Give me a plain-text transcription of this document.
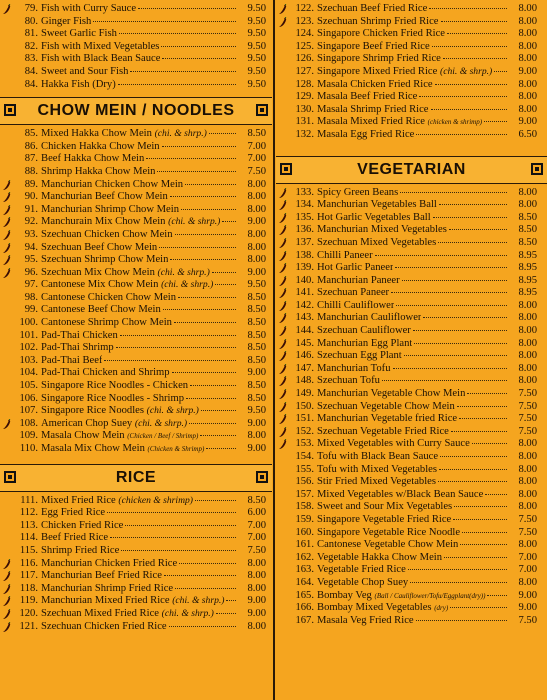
79. Fish with Curry Sauce	9.50
80. Ginger Fish	9.50
81. Sweet Garlic Fish	9.50
82. Fish with Mixed Vegetables	9.50
83. Fish with Black Bean Sauce	9.50
84. Sweet and Sour Fish	9.50
84. Hakka Fish (Dry)	9.50
CHOW MEIN / NOODLES
85. Mixed Hakka Chow Mein
(chi. & shrp.)	8.50
86. Chicken Hakka Chow Mein	7.00
87. Beef Hakka Chow Mein	7.00
88. Shrimp Hakka Chow Mein	7.50
89. Manchurian Chicken Chow Mein	8.00
90. Manchurian Beef Chow Mein	8.00
91. Manchurian Shrimp Chow Mein	8.00
92. Manchurain Mix Chow Mein
(chi. & shrp.)	9.00
93. Szechuan Chicken Chow Mein	8.00
94. Szechuan Beef Chow Mein	8.00
95. Szechuan Shrimp Chow Mein	8.00
96. Szechuan Mix Chow Mein
(chi. & shrp.)	9.00
97. Cantonese Mix Chow Mein
(chi. & shrp.)	9.50
98. Cantonese Chicken Chow Mein	8.50
99. Cantonese Beef Chow Mein	8.50
100. Cantonese Shrimp Chow Mein	8.50
101. Pad-Thai Chicken	8.50
102. Pad-Thai Shrimp	8.50
103. Pad-Thai Beef	8.50
104. Pad-Thai Chicken and Shrimp	9.00
105. Singapore Rice Noodles - Chicken	8.50
106. Singapore Rice Noodles - Shrimp	8.50
107. Singapore Rice Noodles
(chi. & shrp.)	9.50
108. American Chop Suey
(chi. & shrp.)	9.00
109. Masala Chow Mein
(Chicken / Beef / Shrimp)	8.00
110. Masala Mix Chow Mein
(Chicken & Shrimp)	9.00
RICE
111. Mixed Fried Rice
(chicken & shrimp)	8.50
112. Egg Fried Rice	6.00
113. Chicken Fried Rice	7.00
114. Beef Fried Rice	7.00
115. Shrimp Fried Rice	7.50
116. Manchurian Chicken Fried Rice	8.00
117. Manchurian Beef Fried Rice	8.00
118. Manchurian Shrimp Fried Rice	8.00
119. Manchurian Mixed Fried Rice
(chi. & shrp.)	9.00
120. Szechuan Mixed Fried Rice
(chi. & shrp.)	9.00
121. Szechuan Chicken Fried Rice	8.00
122. Szechuan Beef Fried Rice	8.00
123. Szechuan Shrimp Fried Rice	8.00
124. Singapore Chicken Fried Rice	8.00
125. Singapore Beef Fried Rice	8.00
126. Singapore Shrimp Fried Rice	8.00
127. Singapore Mixed Fried Rice
(chi. & shrp.)	9.00
128. Masala Chicken Fried Rice	8.00
129. Masala Beef Fried Rice	8.00
130. Masala Shrimp Fried Rice	8.00
131. Masala Mixed Fried Rice
(chicken & shrimp)	9.00
132. Masala Egg Fried Rice	6.50
VEGETARIAN
133. Spicy Green Beans	8.00
134. Manchurian Vegetables Ball	8.00
135. Hot Garlic Vegetables Ball	8.50
136. Manchurian Mixed Vegetables	8.50
137. Szechuan Mixed Vegetables	8.50
138. Chilli Paneer	8.95
139. Hot Garlic Paneer	8.95
140. Manchurian Paneer	8.95
141. Szechuan Paneer	8.95
142. Chilli Cauliflower	8.00
143. Manchurian Cauliflower	8.00
144. Szechuan Cauliflower	8.00
145. Manchurian Egg Plant	8.00
146. Szechuan Egg Plant	8.00
147. Manchurian Tofu	8.00
148. Szechuan Tofu	8.00
149. Manchurian Vegetable Chow Mein	7.50
150. Szechuan Vegetable Chow Mein	7.50
151. Manchurian Vegetable fried Rice	7.50
152. Szechuan Vegetable Fried Rice	7.50
153. Mixed Vegetables with Curry Sauce	8.00
154. Tofu with Black Bean Sauce	8.00
155. Tofu with Mixed Vegetables	8.00
156. Stir Fried Mixed Vegetables	8.00
157. Mixed Vegetables w/Black Bean Sauce	8.00
158. Sweet and Sour Mix Vegetables	8.00
159. Singapore Vegetable Fried Rice	7.50
160. Singapore Vegetable Rice Noodle	7.50
161. Cantonese Vegetable Chow Mein	8.00
162. Vegetable Hakka Chow Mein	7.00
163. Vegetable Fried Rice	7.00
164. Vegetable Chop Suey	8.00
165. Bombay Veg
(Ball / Cauliflower/Tofu/Eggplant(dry))	9.00
166. Bombay Mixed Vegetables
(dry)	9.00
167. Masala Veg Fried Rice	7.50
